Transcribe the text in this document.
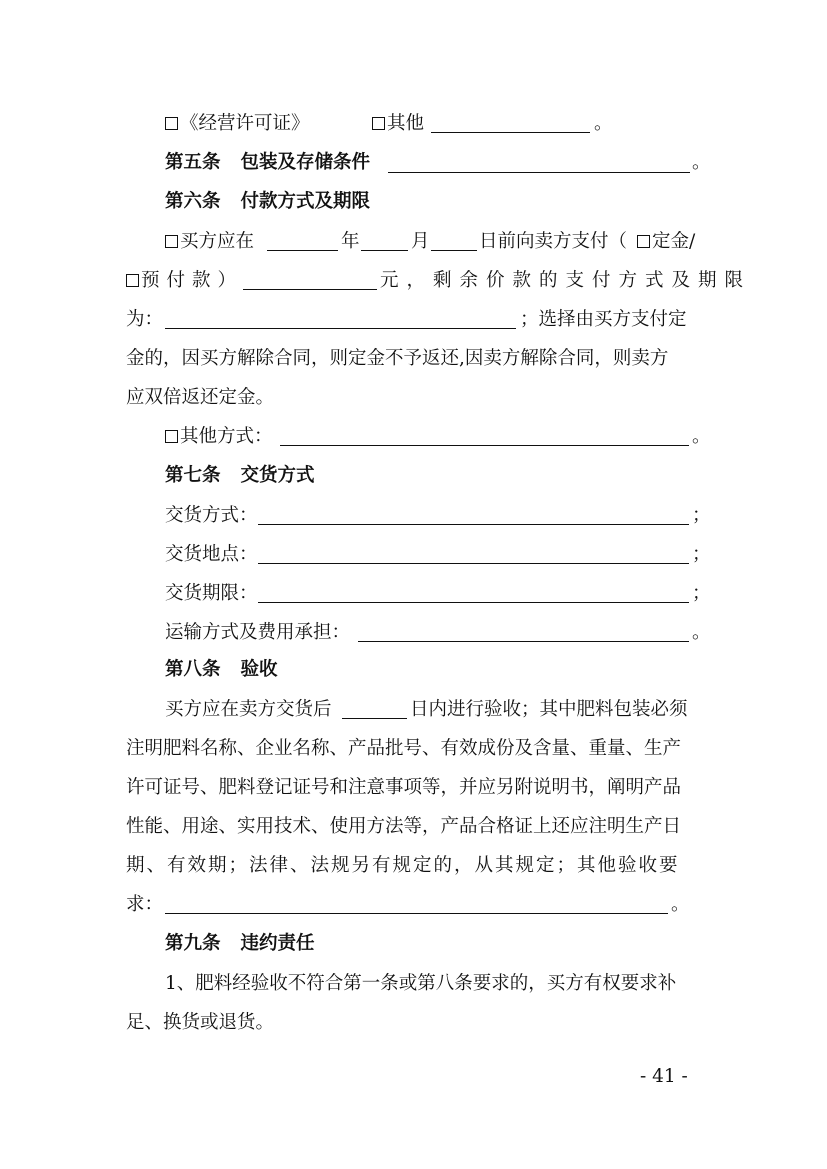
《经营许可证》	其他	。
第五条 包装及存储条件	。
第六条 付款方式及期限
买方应在	年	月	日前向卖方支付（	定金/
预付款）	元，剩余价款的支付方式及期限
为：	；选择由买方支付定
金的，因买方解除合同，则定金不予返还,因卖方解除合同，则卖方
应双倍返还定金。
其他方式：	。
第七条 交货方式
交货方式：	；
交货地点：	；
交货期限：	；
运输方式及费用承担：	。
第八条 验收
买方应在卖方交货后	日内进行验收；其中肥料包装必须
注明肥料名称、企业名称、产品批号、有效成份及含量、重量、生产
许可证号、肥料登记证号和注意事项等，并应另附说明书，阐明产品
性能、用途、实用技术、使用方法等，产品合格证上还应注明生产日
期、有效期；法律、法规另有规定的，从其规定；其他验收要
求：	。
第九条 违约责任
1、肥料经验收不符合第一条或第八条要求的，买方有权要求补
足、换货或退货。
- 41 -
